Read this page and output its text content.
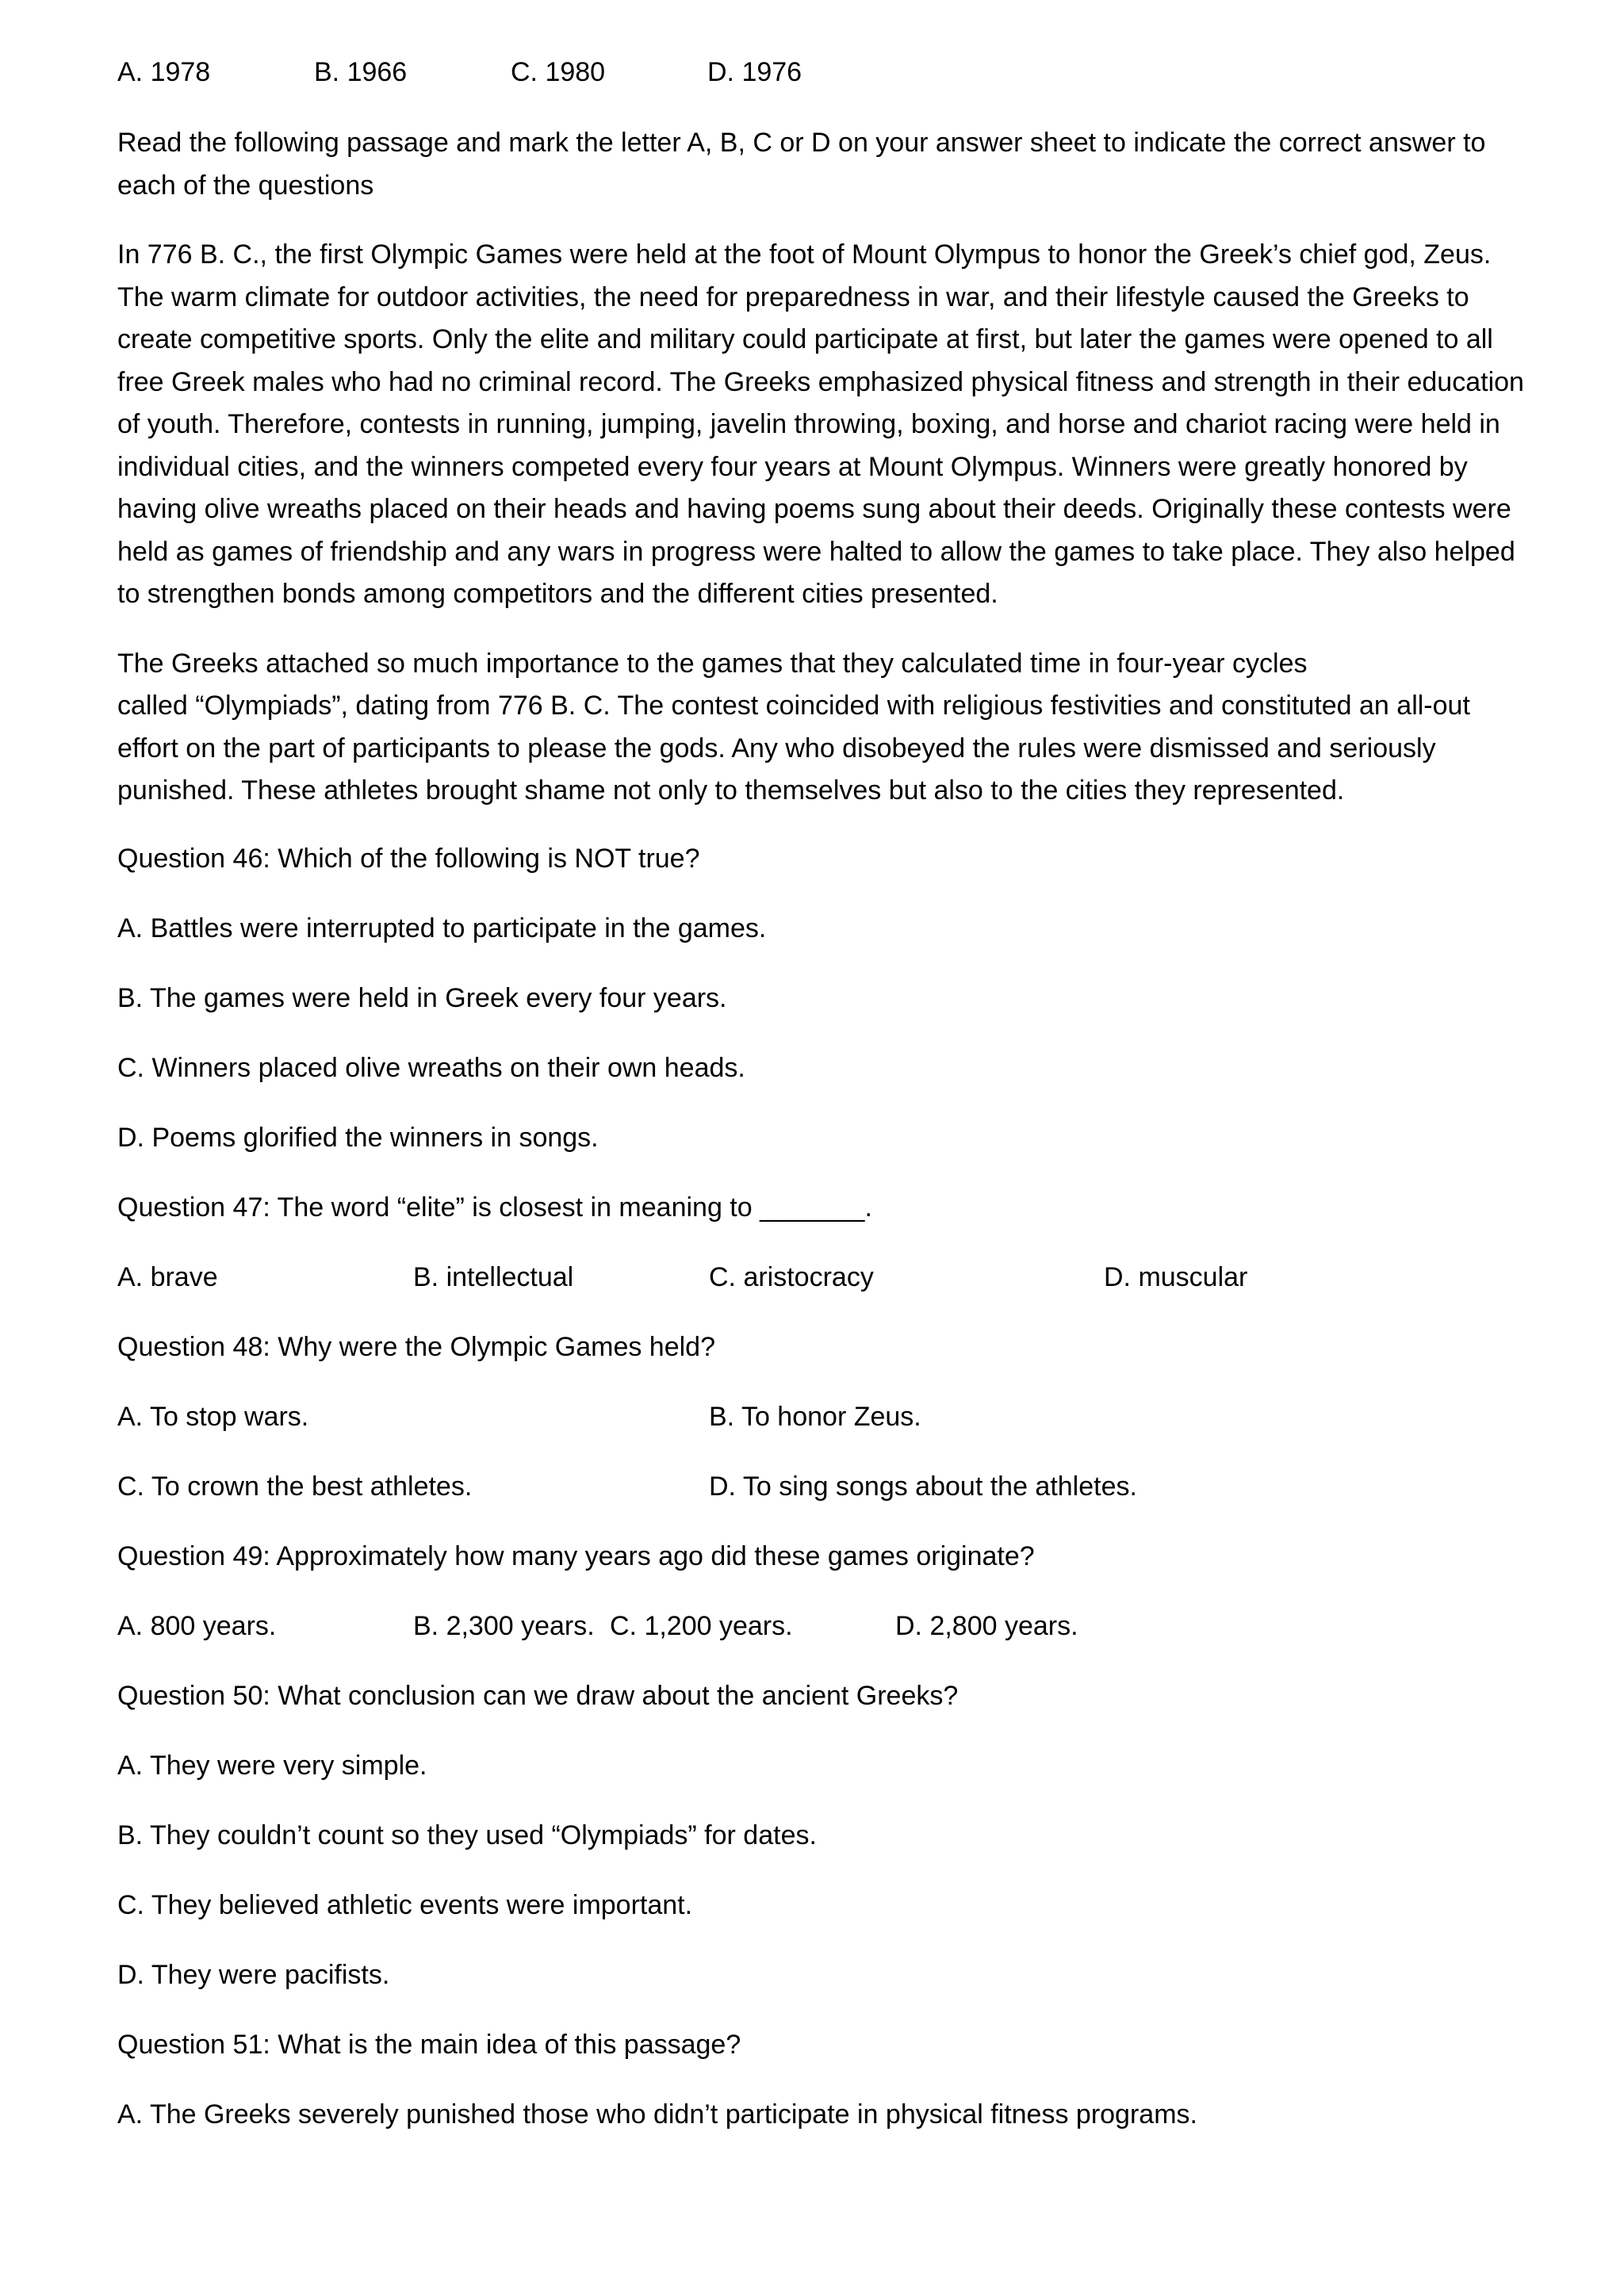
A. 1978	B. 1966	C. 1980	D. 1976
Read the following passage and mark the letter A, B, C or D on your answer sheet to indicate the correct answer to each of the questions
In 776 B. C., the first Olympic Games were held at the foot of Mount Olympus to honor the Greek’s chief god, Zeus. The warm climate for outdoor activities, the need for preparedness in war, and their lifestyle caused the Greeks to create competitive sports. Only the elite and military could participate at first, but later the games were opened to all free Greek males who had no criminal record. The Greeks emphasized physical fitness and strength in their education of youth. Therefore, contests in running, jumping, javelin throwing, boxing, and horse and chariot racing were held in individual cities, and the winners competed every four years at Mount Olympus. Winners were greatly honored by having olive wreaths placed on their heads and having poems sung about their deeds. Originally these contests were held as games of friendship and any wars in progress were halted to allow the games to take place. They also helped to strengthen bonds among competitors and the different cities presented.
The Greeks attached so much importance to the games that they calculated time in four-year cycles
called “Olympiads”, dating from 776 B. C. The contest coincided with religious festivities and constituted an all-out effort on the part of participants to please the gods. Any who disobeyed the rules were dismissed and seriously punished. These athletes brought shame not only to themselves but also to the cities they represented.
Question 46: Which of the following is NOT true?
A. Battles were interrupted to participate in the games.
B. The games were held in Greek every four years.
C. Winners placed olive wreaths on their own heads.
D. Poems glorified the winners in songs.
Question 47: The word “elite” is closest in meaning to _______.
A. brave	B. intellectual	C. aristocracy	D. muscular
Question 48: Why were the Olympic Games held?
A. To stop wars.	B. To honor Zeus.
C. To crown the best athletes.	D. To sing songs about the athletes.
Question 49: Approximately how many years ago did these games originate?
A. 800 years.	B. 2,300 years. C. 1,200 years.	D. 2,800 years.
Question 50: What conclusion can we draw about the ancient Greeks?
A. They were very simple.
B. They couldn’t count so they used “Olympiads” for dates.
C. They believed athletic events were important.
D. They were pacifists.
Question 51: What is the main idea of this passage?
A. The Greeks severely punished those who didn’t participate in physical fitness programs.
